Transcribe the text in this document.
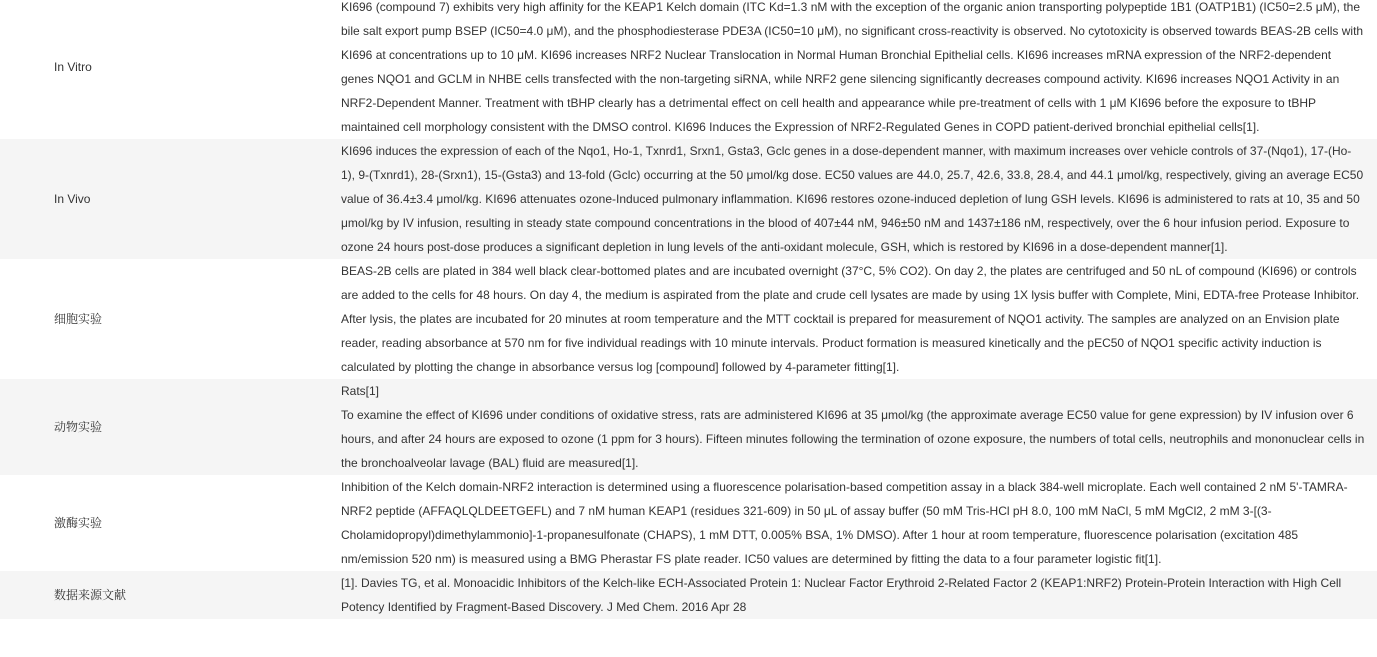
In Vitro
KI696 (compound 7) exhibits very high affinity for the KEAP1 Kelch domain (ITC Kd=1.3 nM with the exception of the organic anion transporting polypeptide 1B1 (OATP1B1) (IC50=2.5 μM), the bile salt export pump BSEP (IC50=4.0 μM), and the phosphodiesterase PDE3A (IC50=10 μM), no significant cross-reactivity is observed. No cytotoxicity is observed towards BEAS-2B cells with KI696 at concentrations up to 10 μM. KI696 increases NRF2 Nuclear Translocation in Normal Human Bronchial Epithelial cells. KI696 increases mRNA expression of the NRF2-dependent genes NQO1 and GCLM in NHBE cells transfected with the non-targeting siRNA, while NRF2 gene silencing significantly decreases compound activity. KI696 increases NQO1 Activity in an NRF2-Dependent Manner. Treatment with tBHP clearly has a detrimental effect on cell health and appearance while pre-treatment of cells with 1 μM KI696 before the exposure to tBHP maintained cell morphology consistent with the DMSO control. KI696 Induces the Expression of NRF2-Regulated Genes in COPD patient-derived bronchial epithelial cells[1].
In Vivo
KI696 induces the expression of each of the Nqo1, Ho-1, Txnrd1, Srxn1, Gsta3, Gclc genes in a dose-dependent manner, with maximum increases over vehicle controls of 37-(Nqo1), 17-(Ho-1), 9-(Txnrd1), 28-(Srxn1), 15-(Gsta3) and 13-fold (Gclc) occurring at the 50 μmol/kg dose. EC50 values are 44.0, 25.7, 42.6, 33.8, 28.4, and 44.1 μmol/kg, respectively, giving an average EC50 value of 36.4±3.4 μmol/kg. KI696 attenuates ozone-Induced pulmonary inflammation. KI696 restores ozone-induced depletion of lung GSH levels. KI696 is administered to rats at 10, 35 and 50 μmol/kg by IV infusion, resulting in steady state compound concentrations in the blood of 407±44 nM, 946±50 nM and 1437±186 nM, respectively, over the 6 hour infusion period. Exposure to ozone 24 hours post-dose produces a significant depletion in lung levels of the anti-oxidant molecule, GSH, which is restored by KI696 in a dose-dependent manner[1].
细胞实验
BEAS-2B cells are plated in 384 well black clear-bottomed plates and are incubated overnight (37°C, 5% CO2). On day 2, the plates are centrifuged and 50 nL of compound (KI696) or controls are added to the cells for 48 hours. On day 4, the medium is aspirated from the plate and crude cell lysates are made by using 1X lysis buffer with Complete, Mini, EDTA-free Protease Inhibitor. After lysis, the plates are incubated for 20 minutes at room temperature and the MTT cocktail is prepared for measurement of NQO1 activity. The samples are analyzed on an Envision plate reader, reading absorbance at 570 nm for five individual readings with 10 minute intervals. Product formation is measured kinetically and the pEC50 of NQO1 specific activity induction is calculated by plotting the change in absorbance versus log [compound] followed by 4-parameter fitting[1].
动物实验
Rats[1]
To examine the effect of KI696 under conditions of oxidative stress, rats are administered KI696 at 35 μmol/kg (the approximate average EC50 value for gene expression) by IV infusion over 6 hours, and after 24 hours are exposed to ozone (1 ppm for 3 hours). Fifteen minutes following the termination of ozone exposure, the numbers of total cells, neutrophils and mononuclear cells in the bronchoalveolar lavage (BAL) fluid are measured[1].
激酶实验
Inhibition of the Kelch domain-NRF2 interaction is determined using a fluorescence polarisation-based competition assay in a black 384-well microplate. Each well contained 2 nM 5'-TAMRA-NRF2 peptide (AFFAQLQLDEETGEFL) and 7 nM human KEAP1 (residues 321-609) in 50 μL of assay buffer (50 mM Tris-HCl pH 8.0, 100 mM NaCl, 5 mM MgCl2, 2 mM 3-[(3-Cholamidopropyl)dimethylammonio]-1-propanesulfonate (CHAPS), 1 mM DTT, 0.005% BSA, 1% DMSO). After 1 hour at room temperature, fluorescence polarisation (excitation 485 nm/emission 520 nm) is measured using a BMG Pherastar FS plate reader. IC50 values are determined by fitting the data to a four parameter logistic fit[1].
数据来源文献
[1]. Davies TG, et al. Monoacidic Inhibitors of the Kelch-like ECH-Associated Protein 1: Nuclear Factor Erythroid 2-Related Factor 2 (KEAP1:NRF2) Protein-Protein Interaction with High Cell Potency Identified by Fragment-Based Discovery. J Med Chem. 2016 Apr 28
